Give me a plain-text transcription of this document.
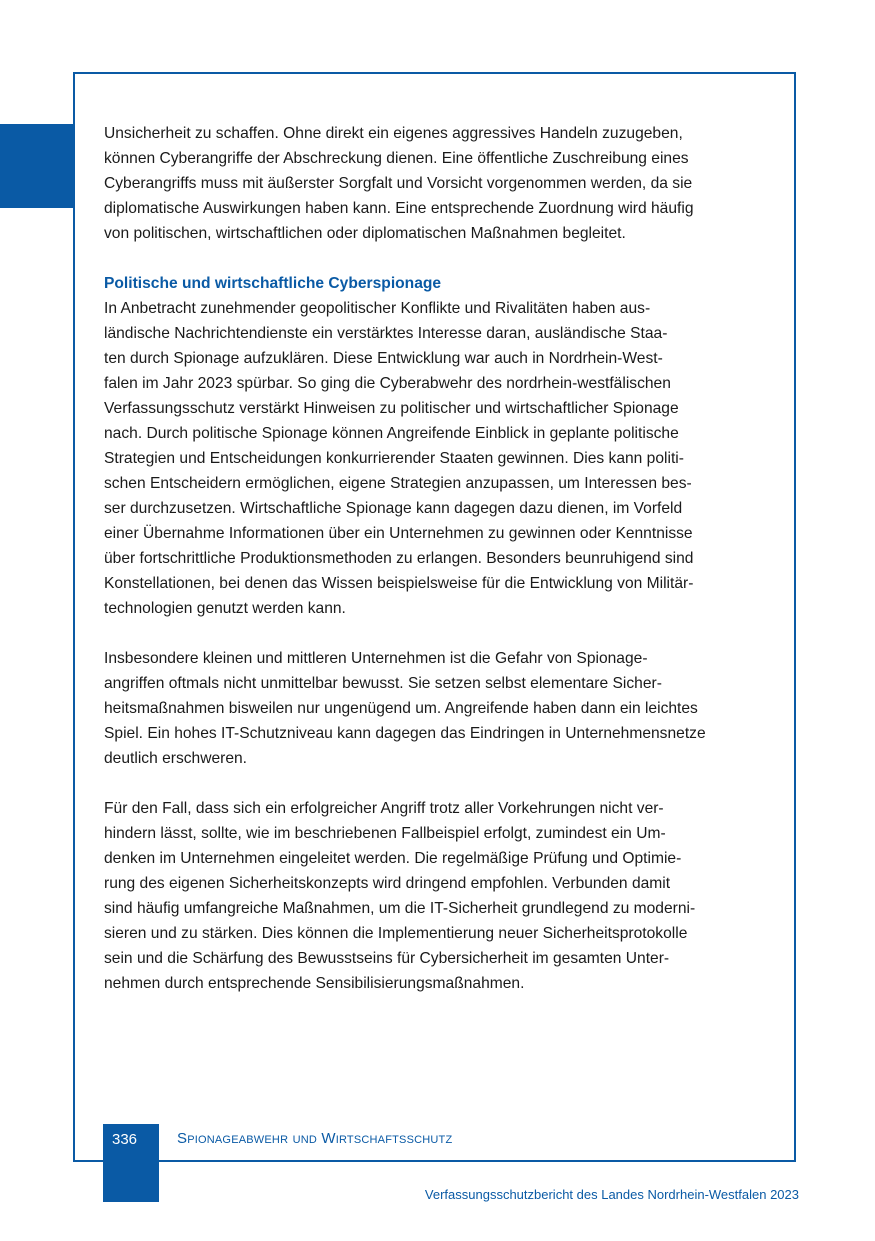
Unsicherheit zu schaffen. Ohne direkt ein eigenes aggressives Handeln zuzugeben,
können Cyberangriffe der Abschreckung dienen. Eine öffentliche Zuschreibung eines
Cyberangriffs muss mit äußerster Sorgfalt und Vorsicht vorgenommen werden, da sie
diplomatische Auswirkungen haben kann. Eine entsprechende Zuordnung wird häufig
von politischen, wirtschaftlichen oder diplomatischen Maßnahmen begleitet.

Politische und wirtschaftliche Cyberspionage
In Anbetracht zunehmender geopolitischer Konflikte und Rivalitäten haben aus-
ländische Nachrichtendienste ein verstärktes Interesse daran, ausländische Staa-
ten durch Spionage aufzuklären. Diese Entwicklung war auch in Nordrhein-West-
falen im Jahr 2023 spürbar. So ging die Cyberabwehr des nordrhein-westfälischen
Verfassungsschutz verstärkt Hinweisen zu politischer und wirtschaftlicher Spionage
nach. Durch politische Spionage können Angreifende Einblick in geplante politische
Strategien und Entscheidungen konkurrierender Staaten gewinnen. Dies kann politi-
schen Entscheidern ermöglichen, eigene Strategien anzupassen, um Interessen bes-
ser durchzusetzen. Wirtschaftliche Spionage kann dagegen dazu dienen, im Vorfeld
einer Übernahme Informationen über ein Unternehmen zu gewinnen oder Kenntnisse
über fortschrittliche Produktionsmethoden zu erlangen. Besonders beunruhigend sind
Konstellationen, bei denen das Wissen beispielsweise für die Entwicklung von Militär-
technologien genutzt werden kann.

Insbesondere kleinen und mittleren Unternehmen ist die Gefahr von Spionage-
angriffen oftmals nicht unmittelbar bewusst. Sie setzen selbst elementare Sicher-
heitsmaßnahmen bisweilen nur ungenügend um. Angreifende haben dann ein leichtes
Spiel. Ein hohes IT-Schutzniveau kann dagegen das Eindringen in Unternehmensnetze
deutlich erschweren.

Für den Fall, dass sich ein erfolgreicher Angriff trotz aller Vorkehrungen nicht ver-
hindern lässt, sollte, wie im beschriebenen Fallbeispiel erfolgt, zumindest ein Um-
denken im Unternehmen eingeleitet werden. Die regelmäßige Prüfung und Optimie-
rung des eigenen Sicherheitskonzepts wird dringend empfohlen. Verbunden damit
sind häufig umfangreiche Maßnahmen, um die IT-Sicherheit grundlegend zu moderni-
sieren und zu stärken. Dies können die Implementierung neuer Sicherheitsprotokolle
sein und die Schärfung des Bewusstseins für Cybersicherheit im gesamten Unter-
nehmen durch entsprechende Sensibilisierungsmaßnahmen.

336	Spionageabwehr und Wirtschaftsschutz
Verfassungsschutzbericht des Landes Nordrhein-Westfalen 2023
